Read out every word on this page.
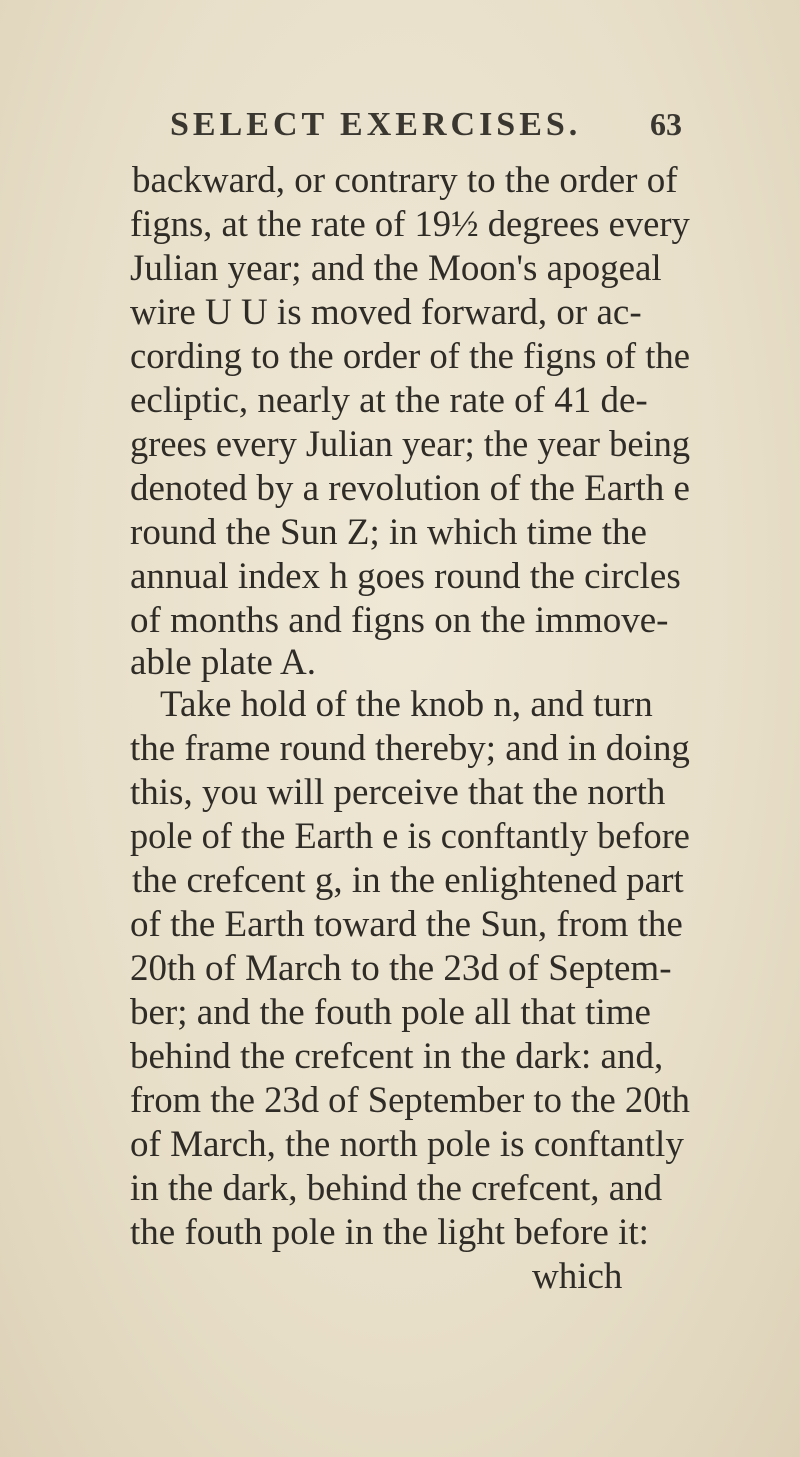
SELECT EXERCISES. 63
backward, or contrary to the order of
figns, at the rate of 19½ degrees every
Julian year; and the Moon's apogeal
wire U U is moved forward, or ac-
cording to the order of the figns of the
ecliptic, nearly at the rate of 41 de-
grees every Julian year; the year being
denoted by a revolution of the Earth e
round the Sun Z; in which time the
annual index h goes round the circles
of months and figns on the immove-
able plate A.
Take hold of the knob n, and turn
the frame round thereby; and in doing
this, you will perceive that the north
pole of the Earth e is conftantly before
the crefcent g, in the enlightened part
of the Earth toward the Sun, from the
20th of March to the 23d of Septem-
ber; and the fouth pole all that time
behind the crefcent in the dark: and,
from the 23d of September to the 20th
of March, the north pole is conftantly
in the dark, behind the crefcent, and
the fouth pole in the light before it:
which
